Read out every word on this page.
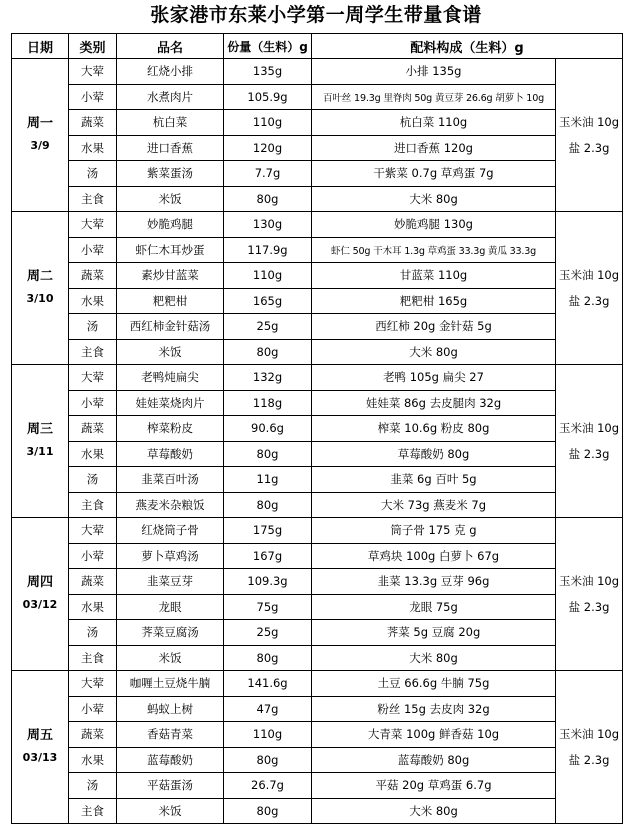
张家港市东莱小学第一周学生带量食谱
日期	类别	品名	份量（生料）g	配料构成（生料）g	

周一
3/9	大荤	红烧小排	135g	小排 135g	玉米油 10g
盐 2.3g

	小荤	水煮肉片	105.9g	百叶丝 19.3g 里脊肉 50g 黄豆芽 26.6g 胡萝卜 10g	
	蔬菜	杭白菜	110g	杭白菜 110g	
	水果	进口香蕉	120g	进口香蕉 120g	
	汤	紫菜蛋汤	7.7g	干紫菜 0.7g 草鸡蛋 7g	
	主食	米饭	80g	大米 80g	

周二
3/10	大荤	妙脆鸡腿	130g	妙脆鸡腿 130g	玉米油 10g
盐 2.3g

	小荤	虾仁木耳炒蛋	117.9g	虾仁 50g 干木耳 1.3g 草鸡蛋 33.3g 黄瓜 33.3g	
	蔬菜	素炒甘蓝菜	110g	甘蓝菜 110g	
	水果	粑粑柑	165g	粑粑柑 165g	
	汤	西红柿金针菇汤	25g	西红柿 20g 金针菇 5g	
	主食	米饭	80g	大米 80g	

周三
3/11	大荤	老鸭炖扁尖	132g	老鸭 105g 扁尖 27	玉米油 10g
盐 2.3g

	小荤	娃娃菜烧肉片	118g	娃娃菜 86g 去皮腿肉 32g	
	蔬菜	榨菜粉皮	90.6g	榨菜 10.6g 粉皮 80g	
	水果	草莓酸奶	80g	草莓酸奶 80g	
	汤	韭菜百叶汤	11g	韭菜 6g 百叶 5g	
	主食	燕麦米杂粮饭	80g	大米 73g 燕麦米 7g	

周四
03/12	大荤	红烧筒子骨	175g	筒子骨 175 克 g	玉米油 10g
盐 2.3g

	小荤	萝卜草鸡汤	167g	草鸡块 100g 白萝卜 67g	
	蔬菜	韭菜豆芽	109.3g	韭菜 13.3g 豆芽 96g	
	水果	龙眼	75g	龙眼 75g	
	汤	荠菜豆腐汤	25g	荠菜 5g 豆腐 20g	
	主食	米饭	80g	大米 80g	

周五
03/13	大荤	咖喱土豆烧牛腩	141.6g	土豆 66.6g 牛腩 75g	玉米油 10g
盐 2.3g

	小荤	蚂蚁上树	47g	粉丝 15g 去皮肉 32g	
	蔬菜	香菇青菜	110g	大青菜 100g 鲜香菇 10g	
	水果	蓝莓酸奶	80g	蓝莓酸奶 80g	
	汤	平菇蛋汤	26.7g	平菇 20g 草鸡蛋 6.7g	
	主食	米饭	80g	大米 80g	
